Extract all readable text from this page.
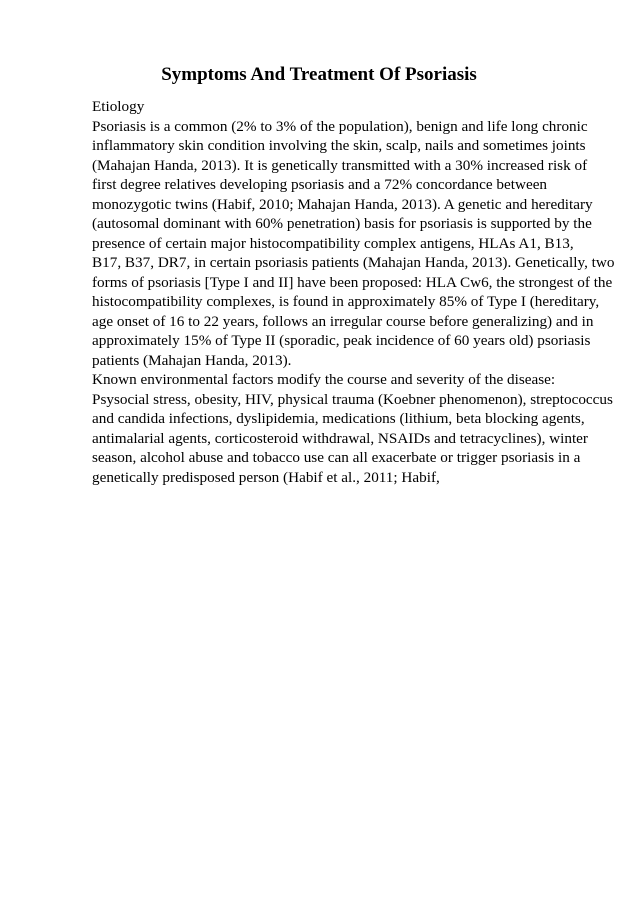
Symptoms And Treatment Of Psoriasis
Etiology
Psoriasis is a common (2% to 3% of the population), benign and life long chronic
inflammatory skin condition involving the skin, scalp, nails and sometimes joints
(Mahajan Handa, 2013). It is genetically transmitted with a 30% increased risk of
first degree relatives developing psoriasis and a 72% concordance between
monozygotic twins (Habif, 2010; Mahajan Handa, 2013). A genetic and hereditary
(autosomal dominant with 60% penetration) basis for psoriasis is supported by the
presence of certain major histocompatibility complex antigens, HLAs A1, B13,
B17, B37, DR7, in certain psoriasis patients (Mahajan Handa, 2013). Genetically, two
forms of psoriasis [Type I and II] have been proposed: HLA Cw6, the strongest of the
histocompatibility complexes, is found in approximately 85% of Type I (hereditary,
age onset of 16 to 22 years, follows an irregular course before generalizing) and in
approximately 15% of Type II (sporadic, peak incidence of 60 years old) psoriasis
patients (Mahajan Handa, 2013).
Known environmental factors modify the course and severity of the disease:
Psysocial stress, obesity, HIV, physical trauma (Koebner phenomenon), streptococcus
and candida infections, dyslipidemia, medications (lithium, beta blocking agents,
antimalarial agents, corticosteroid withdrawal, NSAIDs and tetracyclines), winter
season, alcohol abuse and tobacco use can all exacerbate or trigger psoriasis in a
genetically predisposed person (Habif et al., 2011; Habif,
